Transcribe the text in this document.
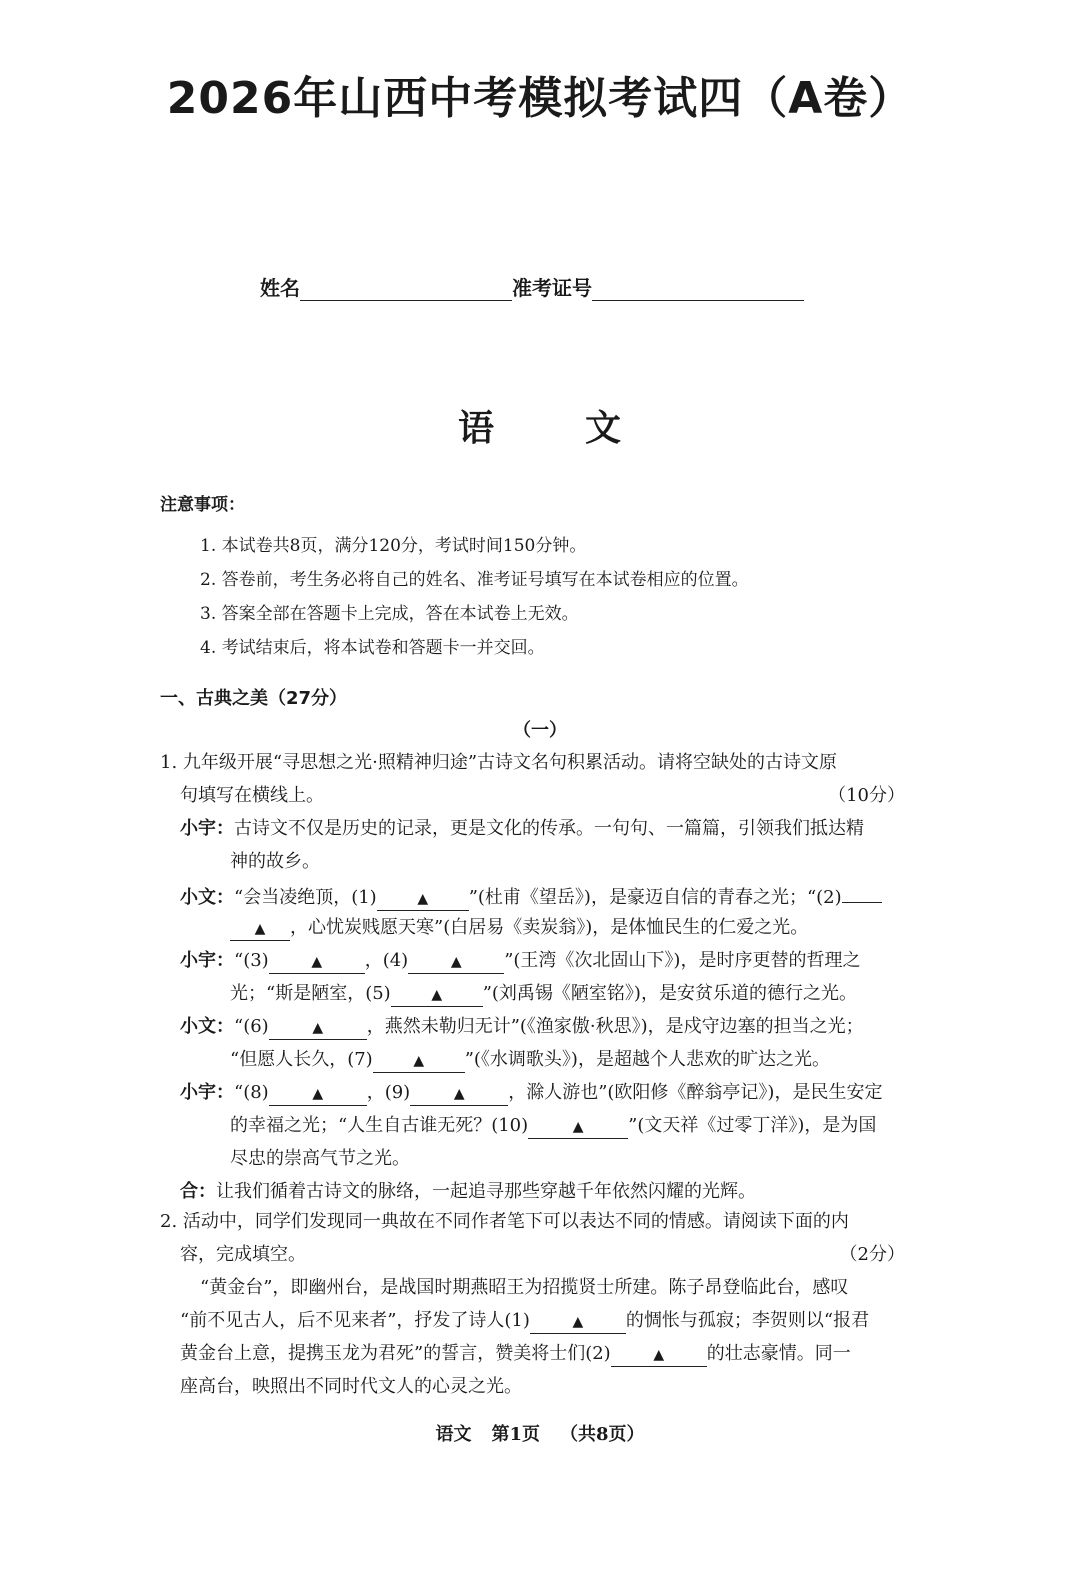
2026年山西中考模拟考试四（A卷）
姓名	准考证号
语	文
注意事项：
1. 本试卷共8页，满分120分，考试时间150分钟。
2. 答卷前，考生务必将自己的姓名、准考证号填写在本试卷相应的位置。
3. 答案全部在答题卡上完成，答在本试卷上无效。
4. 考试结束后，将本试卷和答题卡一并交回。
一、古典之美（27分）
（一）
1. 九年级开展“寻思想之光·照精神归途”古诗文名句积累活动。请将空缺处的古诗文原
句填写在横线上。	（10分）
小宇：古诗文不仅是历史的记录，更是文化的传承。一句句、一篇篇，引领我们抵达精
神的故乡。
小文：“会当凌绝顶，(1)	▲ ”(杜甫《望岳》)，是豪迈自信的青春之光；“(2)
▲ ，心忧炭贱愿天寒”(白居易《卖炭翁》)，是体恤民生的仁爱之光。
小宇：“(3)	▲ ，(4)	▲ ”(王湾《次北固山下》)，是时序更替的哲理之
光；“斯是陋室，(5)	▲ ”(刘禹锡《陋室铭》)，是安贫乐道的德行之光。
小文：“(6)	▲ ，燕然未勒归无计”(《渔家傲·秋思》)，是戍守边塞的担当之光；
“但愿人长久，(7)	▲ ”(《水调歌头》)，是超越个人悲欢的旷达之光。
小宇：“(8)	▲ ，(9)	▲ ，滁人游也”(欧阳修《醉翁亭记》)，是民生安定
的幸福之光；“人生自古谁无死？(10)	▲ ”(文天祥《过零丁洋》)，是为国
尽忠的崇高气节之光。
合：让我们循着古诗文的脉络，一起追寻那些穿越千年依然闪耀的光辉。
2. 活动中，同学们发现同一典故在不同作者笔下可以表达不同的情感。请阅读下面的内
容，完成填空。	（2分）
“黄金台”，即幽州台，是战国时期燕昭王为招揽贤士所建。陈子昂登临此台，感叹
“前不见古人，后不见来者”，抒发了诗人(1)	▲ 的惆怅与孤寂；李贺则以“报君
黄金台上意，提携玉龙为君死”的誓言，赞美将士们(2)	▲ 的壮志豪情。同一
座高台，映照出不同时代文人的心灵之光。
语文 第1页 （共8页）
